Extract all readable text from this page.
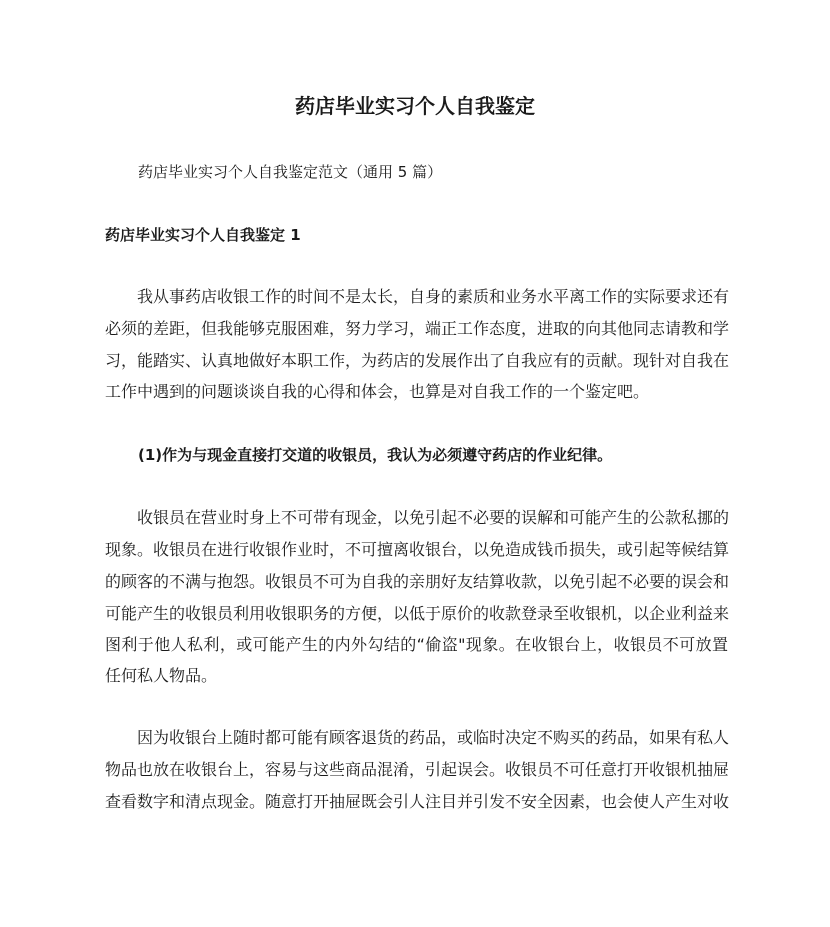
药店毕业实习个人自我鉴定
药店毕业实习个人自我鉴定范文（通用 5 篇）
药店毕业实习个人自我鉴定 1
我从事药店收银工作的时间不是太长，自身的素质和业务水平离工作的实际要求还有
必须的差距，但我能够克服困难，努力学习，端正工作态度，进取的向其他同志请教和学
习，能踏实、认真地做好本职工作，为药店的发展作出了自我应有的贡献。现针对自我在
工作中遇到的问题谈谈自我的心得和体会，也算是对自我工作的一个鉴定吧。
(1)作为与现金直接打交道的收银员，我认为必须遵守药店的作业纪律。
收银员在营业时身上不可带有现金，以免引起不必要的误解和可能产生的公款私挪的
现象。收银员在进行收银作业时，不可擅离收银台，以免造成钱币损失，或引起等候结算
的顾客的不满与抱怨。收银员不可为自我的亲朋好友结算收款，以免引起不必要的误会和
可能产生的收银员利用收银职务的方便，以低于原价的收款登录至收银机，以企业利益来
图利于他人私利，或可能产生的内外勾结的“偷盗"现象。在收银台上，收银员不可放置
任何私人物品。
因为收银台上随时都可能有顾客退货的药品，或临时决定不购买的药品，如果有私人
物品也放在收银台上，容易与这些商品混淆，引起误会。收银员不可任意打开收银机抽屉
查看数字和清点现金。随意打开抽屉既会引人注目并引发不安全因素，也会使人产生对收
